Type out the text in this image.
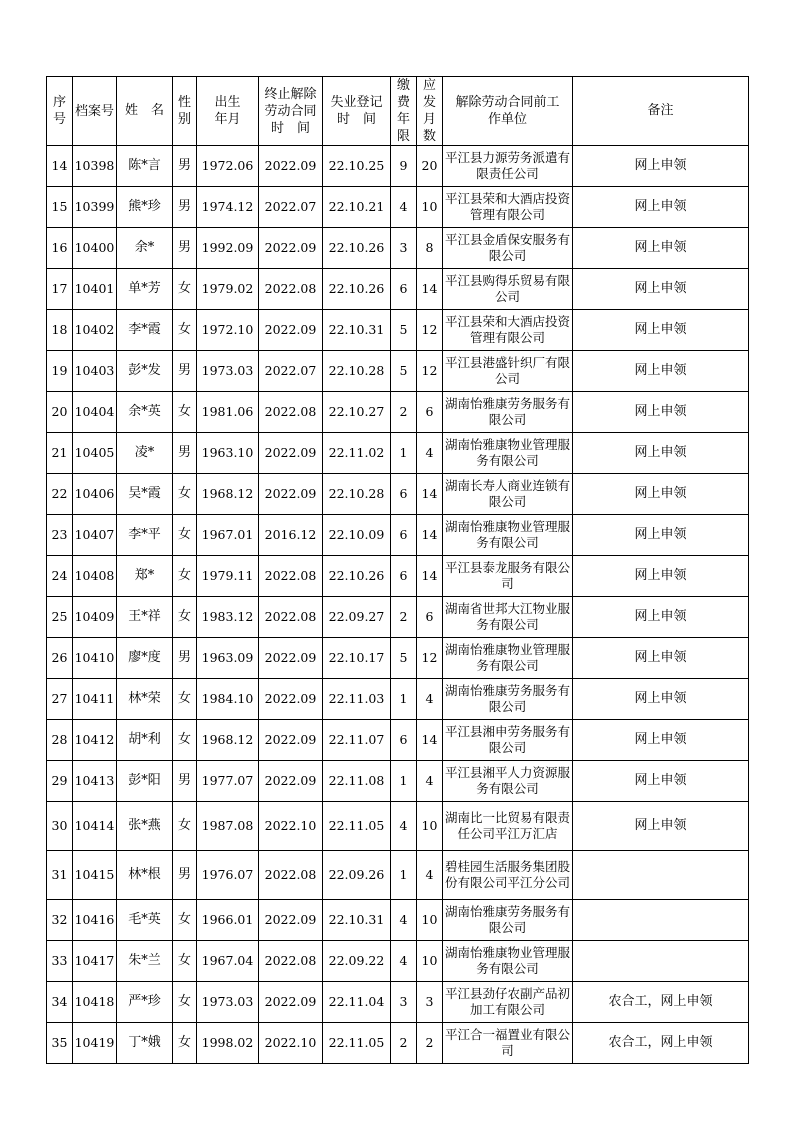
序号	档案号	姓　名	性别	出生年月	终止解除劳动合同时　间	失业登记时　间	缴费年限	应发月数	解除劳动合同前工作单位	备注
14	10398	陈*言	男	1972.06	2022.09	22.10.25	9	20	平江县力源劳务派遣有限责任公司	网上申领
15	10399	熊*珍	男	1974.12	2022.07	22.10.21	4	10	平江县荣和大酒店投资管理有限公司	网上申领
16	10400	余*	男	1992.09	2022.09	22.10.26	3	8	平江县金盾保安服务有限公司	网上申领
17	10401	单*芳	女	1979.02	2022.08	22.10.26	6	14	平江县购得乐贸易有限公司	网上申领
18	10402	李*霞	女	1972.10	2022.09	22.10.31	5	12	平江县荣和大酒店投资管理有限公司	网上申领
19	10403	彭*发	男	1973.03	2022.07	22.10.28	5	12	平江县港盛针织厂有限公司	网上申领
20	10404	余*英	女	1981.06	2022.08	22.10.27	2	6	湖南怡雅康劳务服务有限公司	网上申领
21	10405	凌*	男	1963.10	2022.09	22.11.02	1	4	湖南怡雅康物业管理服务有限公司	网上申领
22	10406	吴*霞	女	1968.12	2022.09	22.10.28	6	14	湖南长寿人商业连锁有限公司	网上申领
23	10407	李*平	女	1967.01	2016.12	22.10.09	6	14	湖南怡雅康物业管理服务有限公司	网上申领
24	10408	郑*	女	1979.11	2022.08	22.10.26	6	14	平江县泰龙服务有限公司	网上申领
25	10409	王*祥	女	1983.12	2022.08	22.09.27	2	6	湖南省世邦大江物业服务有限公司	网上申领
26	10410	廖*度	男	1963.09	2022.09	22.10.17	5	12	湖南怡雅康物业管理服务有限公司	网上申领
27	10411	林*荣	女	1984.10	2022.09	22.11.03	1	4	湖南怡雅康劳务服务有限公司	网上申领
28	10412	胡*利	女	1968.12	2022.09	22.11.07	6	14	平江县湘申劳务服务有限公司	网上申领
29	10413	彭*阳	男	1977.07	2022.09	22.11.08	1	4	平江县湘平人力资源服务有限公司	网上申领
30	10414	张*燕	女	1987.08	2022.10	22.11.05	4	10	湖南比一比贸易有限责任公司平江万汇店	网上申领
31	10415	林*根	男	1976.07	2022.08	22.09.26	1	4	碧桂园生活服务集团股份有限公司平江分公司	

32	10416	毛*英	女	1966.01	2022.09	22.10.31	4	10	湖南怡雅康劳务服务有限公司	

33	10417	朱*兰	女	1967.04	2022.08	22.09.22	4	10	湖南怡雅康物业管理服务有限公司	

34	10418	严*珍	女	1973.03	2022.09	22.11.04	3	3	平江县劲仔农副产品初加工有限公司	农合工，网上申领
35	10419	丁*娥	女	1998.02	2022.10	22.11.05	2	2	平江合一福置业有限公司	农合工，网上申领
